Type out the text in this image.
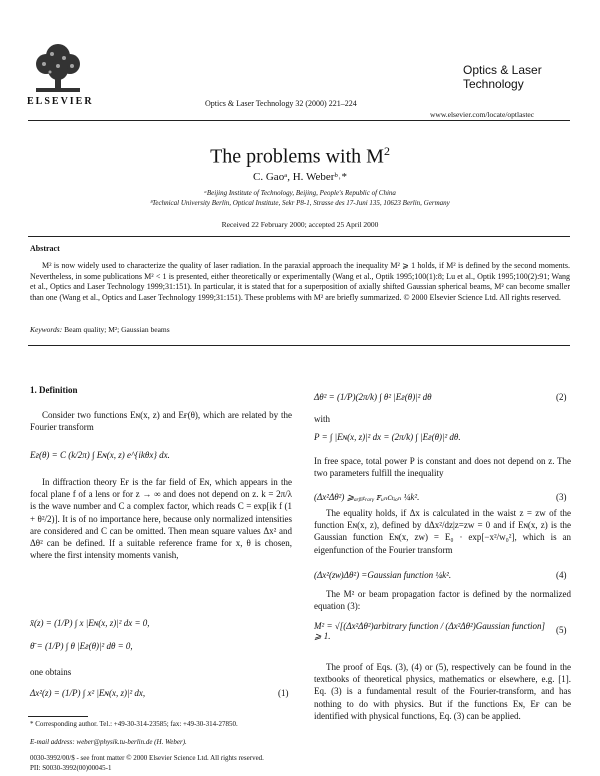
ELSEVIER	Optics & Laser Technology 32 (2000) 221–224
Optics & Laser
Technology
www.elsevier.com/locate/optlastec
The problems with $M^2$
C. Gaoᵃ, H. Weberᵇ˒*
ᵃBeijing Institute of Technology, Beijing, People's Republic of China
ᵇTechnical University Berlin, Optical Institute, Sekr P8-1, Strasse des 17-Juni 135, 10623 Berlin, Germany
Received 22 February 2000; accepted 25 April 2000
Abstract
M² is now widely used to characterize the quality of laser radiation. In the paraxial approach the inequality M² ⩾ 1 holds, if M² is defined by the second moments. Nevertheless, in some publications M² < 1 is presented, either theoretically or experimentally (Wang et al., Optik 1995;100(1):8; Lu et al., Optik 1995;100(2):91; Wang et al., Optics and Laser Technology 1999;31:151). In particular, it is stated that for a superposition of axially shifted Gaussian spherical beams, M² can become smaller than one (Wang et al., Optics and Laser Technology 1999;31:151). These problems with M² are briefly summarized. © 2000 Elsevier Science Ltd. All rights reserved.
Keywords: Beam quality; M²; Gaussian beams
1. Definition
Consider two functions Eɴ(x, z) and Eғ(θ), which are related by the Fourier transform
Eғ(θ) = C (k/2π) ∫ Eɴ(x, z) e^{ikθx} dx.
In diffraction theory Eғ is the far field of Eɴ, which appears in the focal plane f of a lens or for z → ∞ and does not depend on z. k = 2π/λ is the wave number and C a complex factor, which reads C = exp[ik f (1 + θ²/2)]. It is of no importance here, because only normalized intensities are considered and C can be omitted. Then mean square values Δx² and Δθ² can be defined. If a suitable reference frame for x, θ is chosen, where the first intensity moments vanish,
x̄(z) = (1/P) ∫ x |Eɴ(x, z)|² dx = 0,
θ̄ = (1/P) ∫ θ |Eғ(θ)|² dθ = 0,
one obtains
Δx²(z) = (1/P) ∫ x² |Eɴ(x, z)|² dx,	(1)
* Corresponding author. Tel.: +49-30-314-23585; fax: +49-30-314-27850.
E-mail address: weber@physik.tu-berlin.de (H. Weber).
0030-3992/00/$ - see front matter © 2000 Elsevier Science Ltd. All rights reserved.
PII: S0030-3992(00)00045-1
Δθ² = (1/P)(2π/k) ∫ θ² |Eғ(θ)|² dθ	(2)
with
P = ∫ |Eɴ(x, z)|² dx = (2π/k) ∫ |Eғ(θ)|² dθ.
In free space, total power P is constant and does not depend on z. The two parameters fulfill the inequality
(Δx²Δθ²) ⩾ₐᵣᵦᵢₜᵣₐᵣᵧ ꜰᵤₙᴄₜᵢₒₙ ¼k².	(3)
The equality holds, if Δx is calculated in the waist z = zᴡ of the function Eɴ(x, z), defined by dΔx²/dz|z=zᴡ = 0 and if Eɴ(x, z) is the Gaussian function Eɴ(x, zᴡ) = E₀ · exp[−x²/w₀²], which is an eigenfunction of the Fourier transform
(Δx²(zᴡ)Δθ²) =Gaussian function ¼k².	(4)
The M² or beam propagation factor is defined by the normalized equation (3):
M² = √[(Δx²Δθ²)arbitrary function / (Δx²Δθ²)Gaussian function] ⩾ 1.
(5)
The proof of Eqs. (3), (4) or (5), respectively can be found in the textbooks of theoretical physics, mathematics or elsewhere, e.g. [1]. Eq. (3) is a fundamental result of the Fourier-transform, and has nothing to do with physics. But if the functions Eɴ, Eғ can be identified with physical functions, Eq. (3) can be applied.
